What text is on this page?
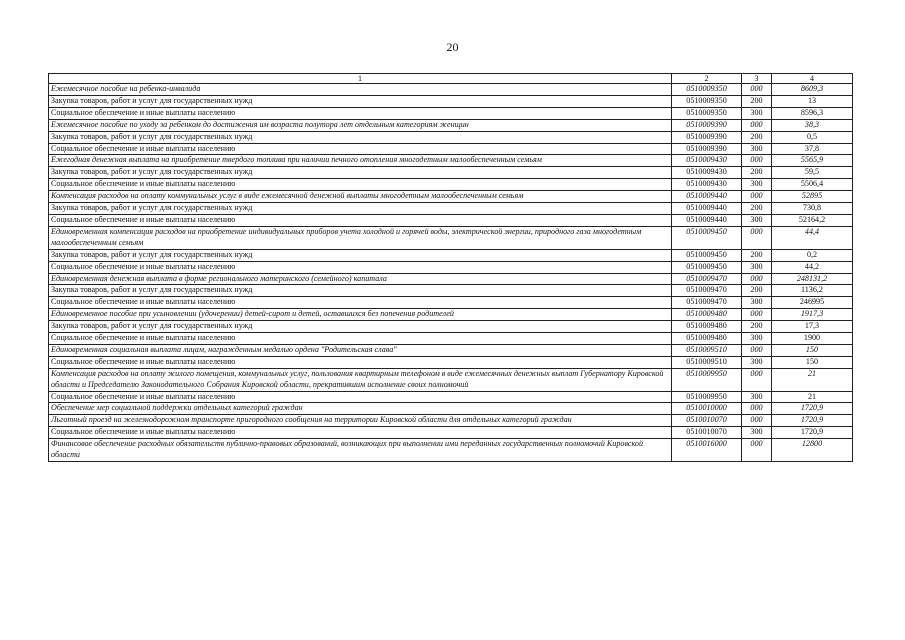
20
1	2	3	4
Ежемесячное пособие на ребенка-инвалида	0510009350	000	8609,3
Закупка товаров, работ и услуг для государственных нужд	0510009350	200	13
Социальное обеспечение и иные выплаты населению	0510009350	300	8596,3
Ежемесячное пособие по уходу за ребенком до достижения им возраста полутора лет отдельным категориям женщин	0510009390	000	38,3
Закупка товаров, работ и услуг для государственных нужд	0510009390	200	0,5
Социальное обеспечение и иные выплаты населению	0510009390	300	37,8
Ежегодная денежная выплата на приобретение твердого топлива при наличии печного отопления многодетным малообеспеченным семьям	0510009430	000	5565,9
Закупка товаров, работ и услуг для государственных нужд	0510009430	200	59,5
Социальное обеспечение и иные выплаты населению	0510009430	300	5506,4
Компенсация расходов на оплату коммунальных услуг в виде ежемесячной денежной выплаты многодетным малообеспеченным семьям	0510009440	000	52895
Закупка товаров, работ и услуг для государственных нужд	0510009440	200	730,8
Социальное обеспечение и иные выплаты населению	0510009440	300	52164,2
Единовременная компенсация расходов на приобретение индивидуальных приборов учета холодной и горячей воды, электрической энергии, природного газа многодетным малообеспеченным семьям	0510009450	000	44,4
Закупка товаров, работ и услуг для государственных нужд	0510009450	200	0,2
Социальное обеспечение и иные выплаты населению	0510009450	300	44,2
Единовременная денежная выплата в форме регионального материнского (семейного) капитала	0510009470	000	248131,2
Закупка товаров, работ и услуг для государственных нужд	0510009470	200	1136,2
Социальное обеспечение и иные выплаты населению	0510009470	300	246995
Единовременное пособие при усыновлении (удочерении) детей-сирот и детей, оставшихся без попечения родителей	0510009480	000	1917,3
Закупка товаров, работ и услуг для государственных нужд	0510009480	200	17,3
Социальное обеспечение и иные выплаты населению	0510009480	300	1900
Единовременная социальная выплата лицам, награжденным медалью ордена "Родительская слава"	0510009510	000	150
Социальное обеспечение и иные выплаты населению	0510009510	300	150
Компенсация расходов на оплату жилого помещения, коммунальных услуг, пользования квартирным телефоном в виде ежемесячных денежных выплат Губернатору Кировской области и Председателю Законодательного Собрания Кировской области, прекратившим исполнение своих полномочий	0510009950	000	21
Социальное обеспечение и иные выплаты населению	0510009950	300	21
Обеспечение мер социальной поддержки отдельных категорий граждан	0510010000	000	1720,9
Льготный проезд на железнодорожном транспорте пригородного сообщения на территории Кировской области для отдельных категорий граждан	0510010070	000	1720,9
Социальное обеспечение и иные выплаты населению	0510010070	300	1720,9
Финансовое обеспечение расходных обязательств публично-правовых образований, возникающих при выполнении ими переданных государственных полномочий Кировской области	0510016000	000	12800
